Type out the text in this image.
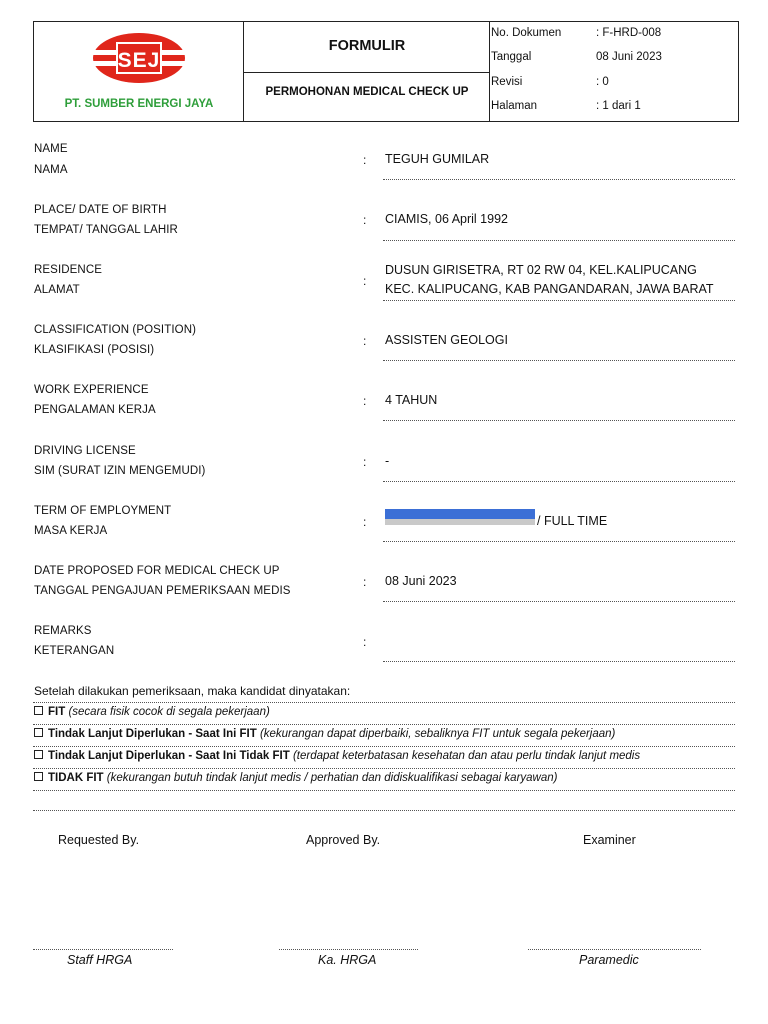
SEJ
PT. SUMBER ENERGI JAYA
FORMULIR
PERMOHONAN MEDICAL CHECK UP
No. Dokumen	: F-HRD-008
Tanggal	08 Juni 2023
Revisi	: 0
Halaman	: 1 dari 1
NAME
NAMA
: TEGUH GUMILAR
PLACE/ DATE OF BIRTH
TEMPAT/ TANGGAL LAHIR
: CIAMIS, 06 April 1992
RESIDENCE
ALAMAT
:
DUSUN GIRISETRA, RT 02 RW 04, KEL.KALIPUCANG
KEC. KALIPUCANG, KAB PANGANDARAN, JAWA BARAT
CLASSIFICATION (POSITION)
KLASIFIKASI (POSISI)
: ASSISTEN GEOLOGI
WORK EXPERIENCE
PENGALAMAN KERJA
: 4 TAHUN
DRIVING LICENSE
SIM (SURAT IZIN MENGEMUDI)
: -
TERM OF EMPLOYMENT
MASA KERJA
:	/ FULL TIME
DATE PROPOSED FOR MEDICAL CHECK UP
TANGGAL PENGAJUAN PEMERIKSAAN MEDIS
: 08 Juni 2023
REMARKS
KETERANGAN
:
Setelah dilakukan pemeriksaan, maka kandidat dinyatakan:
FIT (secara fisik cocok di segala pekerjaan)
Tindak Lanjut Diperlukan - Saat Ini FIT (kekurangan dapat diperbaiki, sebaliknya FIT untuk segala pekerjaan)
Tindak Lanjut Diperlukan - Saat Ini Tidak FIT (terdapat keterbatasan kesehatan dan atau perlu tindak lanjut medis
TIDAK FIT (kekurangan butuh tindak lanjut medis / perhatian dan didiskualifikasi sebagai karyawan)
Requested By.	Approved By.	Examiner
Staff HRGA	Ka. HRGA	Paramedic
